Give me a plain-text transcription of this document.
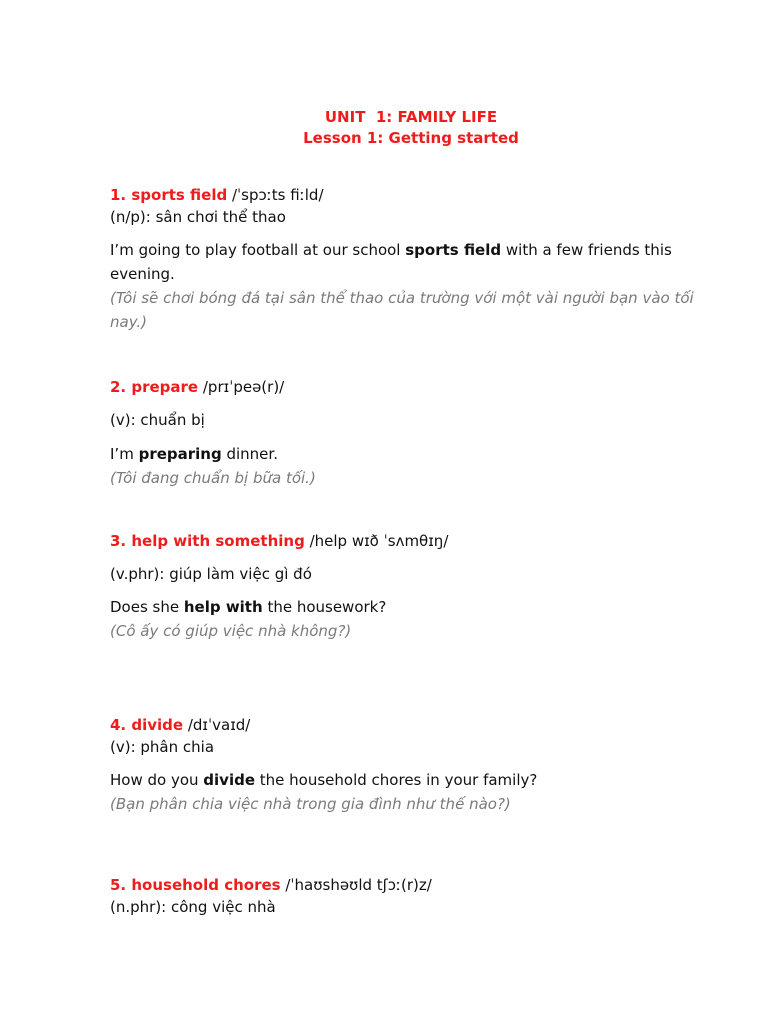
UNIT  1: FAMILY LIFE
Lesson 1: Getting started
1. sports field /ˈspɔːts fiːld/
(n/p): sân chơi thể thao
I’m going to play football at our school sports field with a few friends this evening.
(Tôi sẽ chơi bóng đá tại sân thể thao của trường với một vài người bạn vào tối nay.)
2. prepare /prɪˈpeə(r)/
(v): chuẩn bị
I’m preparing dinner.
(Tôi đang chuẩn bị bữa tối.)
3. help with something /help wɪð ˈsʌmθɪŋ/
(v.phr): giúp làm việc gì đó
Does she help with the housework?
(Cô ấy có giúp việc nhà không?)
4. divide /dɪˈvaɪd/
(v): phân chia
How do you divide the household chores in your family?
(Bạn phân chia việc nhà trong gia đình như thế nào?)
5. household chores /ˈhaʊshəʊld tʃɔː(r)z/
(n.phr): công việc nhà
